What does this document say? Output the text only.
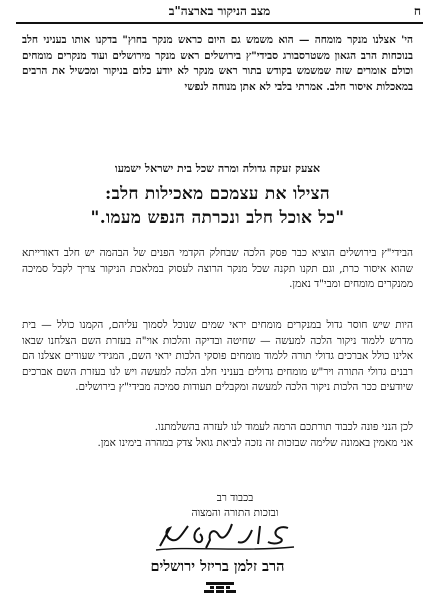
ח
מצב הניקור בארצה"ב

הי' אצלנו מנקר מומחה — הוא משמש גם היום כראש מנקר בחוץ" בדקנו אותו בעניני חלב בנוכחות הרב הגאון משטרסבורג סבידי"ץ בירושלים ראש מנקר מירושלים ועוד מנקרים מומחים וכולם אומרים שזה שמשמש בקודש בתור ראש מנקר לא יודע כלום בניקור ומכשיל את הרבים במאכלות איסור חלב. אמרתי בלבי לא אתן מנוחה לנפשי

אצעק זעקה גדולה ומרה שכל בית ישראל ישמעו

הצילו את עצמכם מאכילות חלב:

"כל אוכל חלב ונכרתה הנפש מעמו."

הבידי"ץ בירושלים הוציא כבר פסק הלכה שבחלק הקדמי הפנים של הבהמה יש חלב דאורייתא שהוא איסור כרת, וגם תקנו תקנה שכל מנקר הרוצה לעסוק במלאכת הניקור צריך לקבל סמיכה ממנקרים מומחים ומבי"ד נאמן.

היות שיש חוסר גדול במנקרים מומחים יראי שמים שנוכל לסמוך עליהם, הקמנו כולל — בית מדרש ללמוד ניקור הלכה למעשה — שחיטה ובדיקה והלכות אוי"ה בעזרת השם הצלחנו שבאו אלינו כולל אברכים גדולי תורה ללמוד מומחים פוסקי הלכות יראי השם, המגידי שעורים אצלנו הם רבנים גדולי התורה ויר"ש מומחים גדולים בעניני חלב הלכה למעשה ויש לנו בעזרת השם אברכים שיודעים ככר הלכות ניקור הלכה למעשה ומקבלים תעודות סמיכה מבידי"ץ בירושלים.

לכן הנני פונה לכבוד תורתכם הרמה לעמוד לנו לעזרה בהשלמתנו.
אני מאמין באמונה שלימה שבזכות זה נזכה לביאת גואל צדק במהרה בימינו אמן.

בכבוד רב

ובזכות התורה והמצוה

הרב זלמן בריזל ירושלים
